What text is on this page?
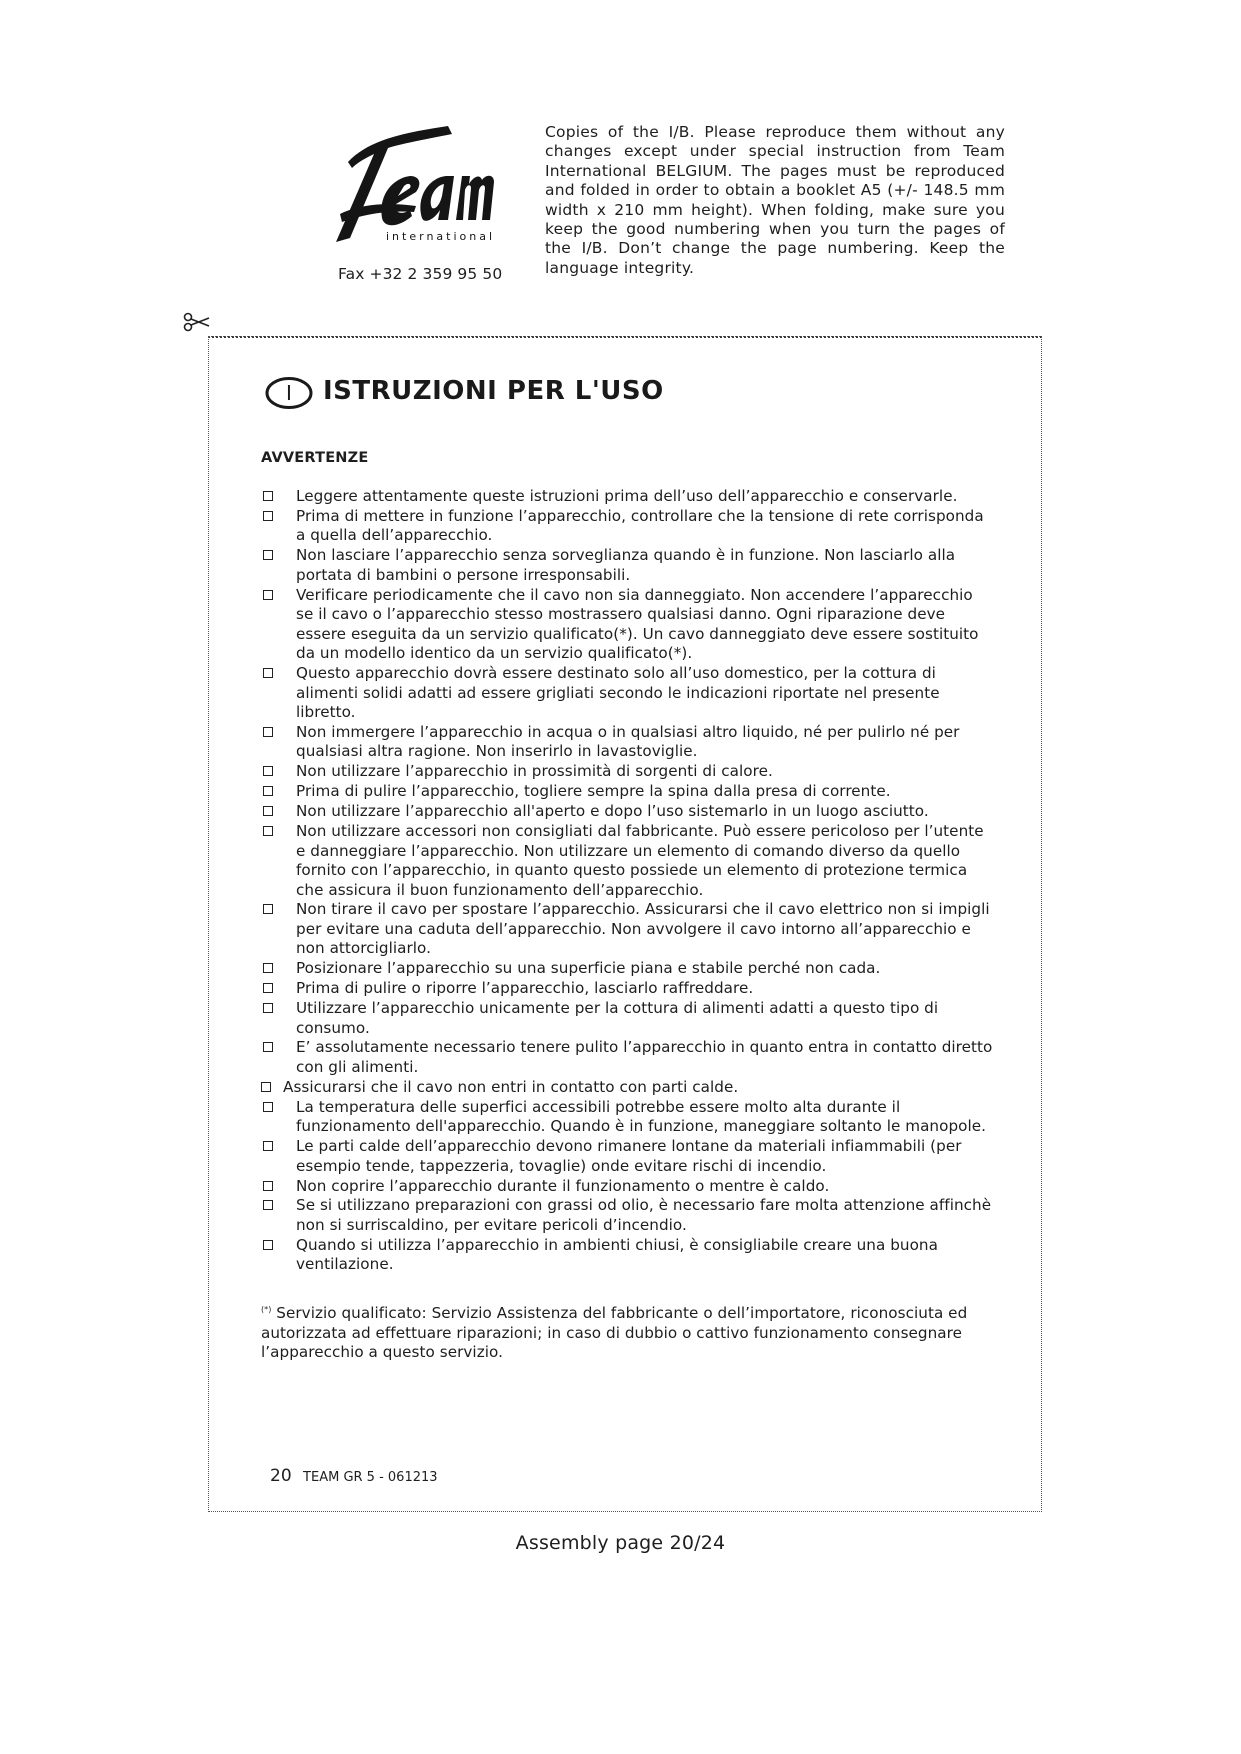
international
Fax +32 2 359 95 50
Copies of the I/B. Please reproduce them without any changes except under special instruction from Team International BELGIUM. The pages must be reproduced and folded in order to obtain a booklet A5 (+/- 148.5 mm width x 210 mm height). When folding, make sure you keep the good numbering when you turn the pages of the I/B. Don’t change the page numbering. Keep the language integrity.
I ISTRUZIONI PER L'USO
AVVERTENZE
Leggere attentamente queste istruzioni prima dell’uso dell’apparecchio e conservarle.
Prima di mettere in funzione l’apparecchio, controllare che la tensione di rete corrisponda a quella dell’apparecchio.
Non lasciare l’apparecchio senza sorveglianza quando è in funzione. Non lasciarlo alla portata di bambini o persone irresponsabili.
Verificare periodicamente che il cavo non sia danneggiato. Non accendere l’apparecchio se il cavo o l’apparecchio stesso mostrassero qualsiasi danno. Ogni riparazione deve essere eseguita da un servizio qualificato(*). Un cavo danneggiato deve essere sostituito da un modello identico da un servizio qualificato(*).
Questo apparecchio dovrà essere destinato solo all’uso domestico, per la cottura di alimenti solidi adatti ad essere grigliati secondo le indicazioni riportate nel presente libretto.
Non immergere l’apparecchio in acqua o in qualsiasi altro liquido, né per pulirlo né per qualsiasi altra ragione. Non inserirlo in lavastoviglie.
Non utilizzare l’apparecchio in prossimità di sorgenti di calore.
Prima di pulire l’apparecchio, togliere sempre la spina dalla presa di corrente.
Non utilizzare l’apparecchio all'aperto e dopo l’uso sistemarlo in un luogo asciutto.
Non utilizzare accessori non consigliati dal fabbricante. Può essere pericoloso per l’utente e danneggiare l’apparecchio. Non utilizzare un elemento di comando diverso da quello fornito con l’apparecchio, in quanto questo possiede un elemento di protezione termica che assicura il buon funzionamento dell’apparecchio.
Non tirare il cavo per spostare l’apparecchio. Assicurarsi che il cavo elettrico non si impigli per evitare una caduta dell’apparecchio. Non avvolgere il cavo intorno all’apparecchio e non attorcigliarlo.
Posizionare l’apparecchio su una superficie piana e stabile perché non cada.
Prima di pulire o riporre l’apparecchio, lasciarlo raffreddare.
Utilizzare l’apparecchio unicamente per la cottura di alimenti adatti a questo tipo di consumo.
E’ assolutamente necessario tenere pulito l’apparecchio in quanto entra in contatto diretto con gli alimenti.
Assicurarsi che il cavo non entri in contatto con parti calde.
La temperatura delle superfici accessibili potrebbe essere molto alta durante il funzionamento dell'apparecchio. Quando è in funzione, maneggiare soltanto le manopole.
Le parti calde dell’apparecchio devono rimanere lontane da materiali infiammabili (per esempio tende, tappezzeria, tovaglie) onde evitare rischi di incendio.
Non coprire l’apparecchio durante il funzionamento o mentre è caldo.
Se si utilizzano preparazioni con grassi od olio, è necessario fare molta attenzione affinchè non si surriscaldino, per evitare pericoli d’incendio.
Quando si utilizza l’apparecchio in ambienti chiusi, è consigliabile creare una buona ventilazione.
(*) Servizio qualificato: Servizio Assistenza del fabbricante o dell’importatore, riconosciuta ed autorizzata ad effettuare riparazioni; in caso di dubbio o cattivo funzionamento consegnare l’apparecchio a questo servizio.
20 TEAM GR 5 - 061213
Assembly page 20/24
